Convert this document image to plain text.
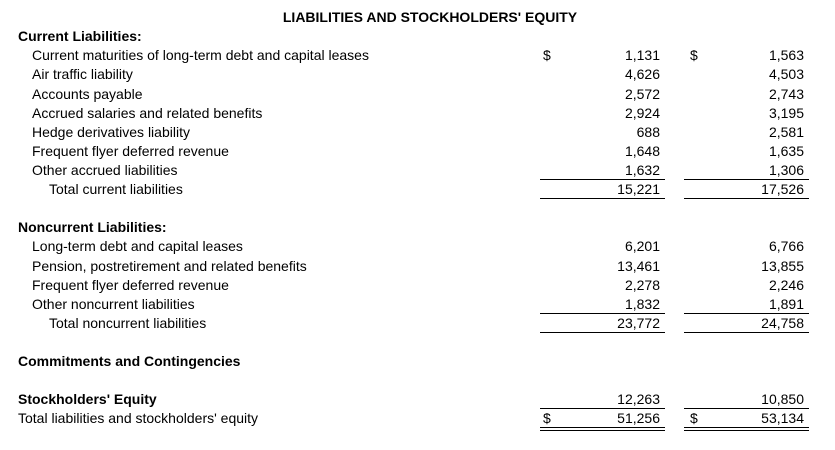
LIABILITIES AND STOCKHOLDERS' EQUITY
Current Liabilities:
Current maturities of long-term debt and capital leases	$	1,131 $	1,563
Air traffic liability	4,626	4,503
Accounts payable	2,572	2,743
Accrued salaries and related benefits	2,924	3,195
Hedge derivatives liability	688	2,581
Frequent flyer deferred revenue	1,648	1,635
Other accrued liabilities	1,632	1,306
Total current liabilities	15,221	17,526
Noncurrent Liabilities:
Long-term debt and capital leases	6,201	6,766
Pension, postretirement and related benefits	13,461	13,855
Frequent flyer deferred revenue	2,278	2,246
Other noncurrent liabilities	1,832	1,891
Total noncurrent liabilities	23,772	24,758
Commitments and Contingencies
Stockholders' Equity	12,263	10,850
Total liabilities and stockholders' equity	$	51,256 $	53,134
